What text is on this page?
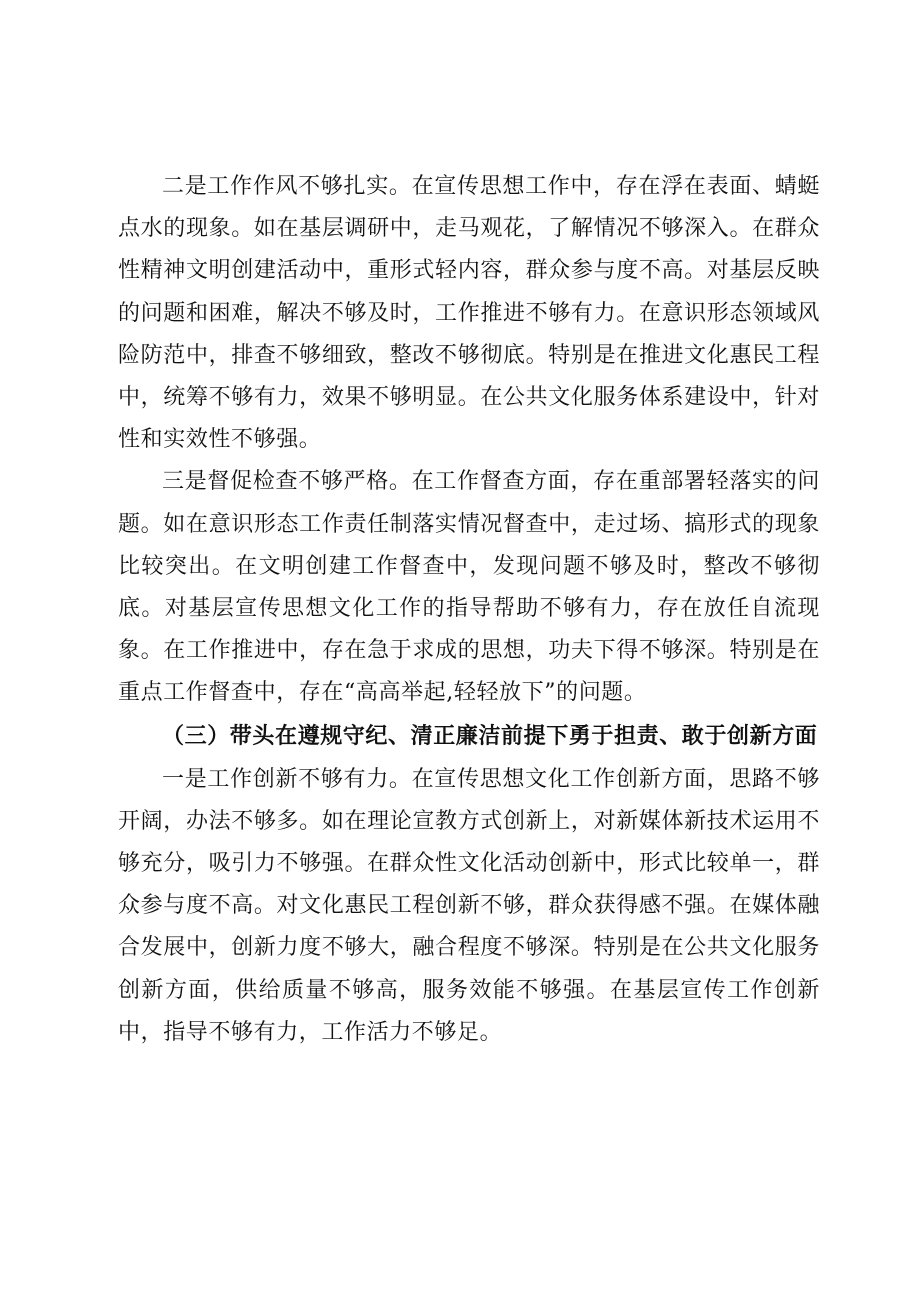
二是工作作风不够扎实。在宣传思想工作中，存在浮在表面、蜻蜓点水的现象。如在基层调研中，走马观花，了解情况不够深入。在群众性精神文明创建活动中，重形式轻内容，群众参与度不高。对基层反映的问题和困难，解决不够及时，工作推进不够有力。在意识形态领域风险防范中，排查不够细致，整改不够彻底。特别是在推进文化惠民工程中，统筹不够有力，效果不够明显。在公共文化服务体系建设中，针对性和实效性不够强。

三是督促检查不够严格。在工作督查方面，存在重部署轻落实的问题。如在意识形态工作责任制落实情况督查中，走过场、搞形式的现象比较突出。在文明创建工作督查中，发现问题不够及时，整改不够彻底。对基层宣传思想文化工作的指导帮助不够有力，存在放任自流现象。在工作推进中，存在急于求成的思想，功夫下得不够深。特别是在重点工作督查中，存在“高高举起,轻轻放下”的问题。

（三）带头在遵规守纪、清正廉洁前提下勇于担责、敢于创新方面

一是工作创新不够有力。在宣传思想文化工作创新方面，思路不够开阔，办法不够多。如在理论宣教方式创新上，对新媒体新技术运用不够充分，吸引力不够强。在群众性文化活动创新中，形式比较单一，群众参与度不高。对文化惠民工程创新不够，群众获得感不强。在媒体融合发展中，创新力度不够大，融合程度不够深。特别是在公共文化服务创新方面，供给质量不够高，服务效能不够强。在基层宣传工作创新中，指导不够有力，工作活力不够足。
